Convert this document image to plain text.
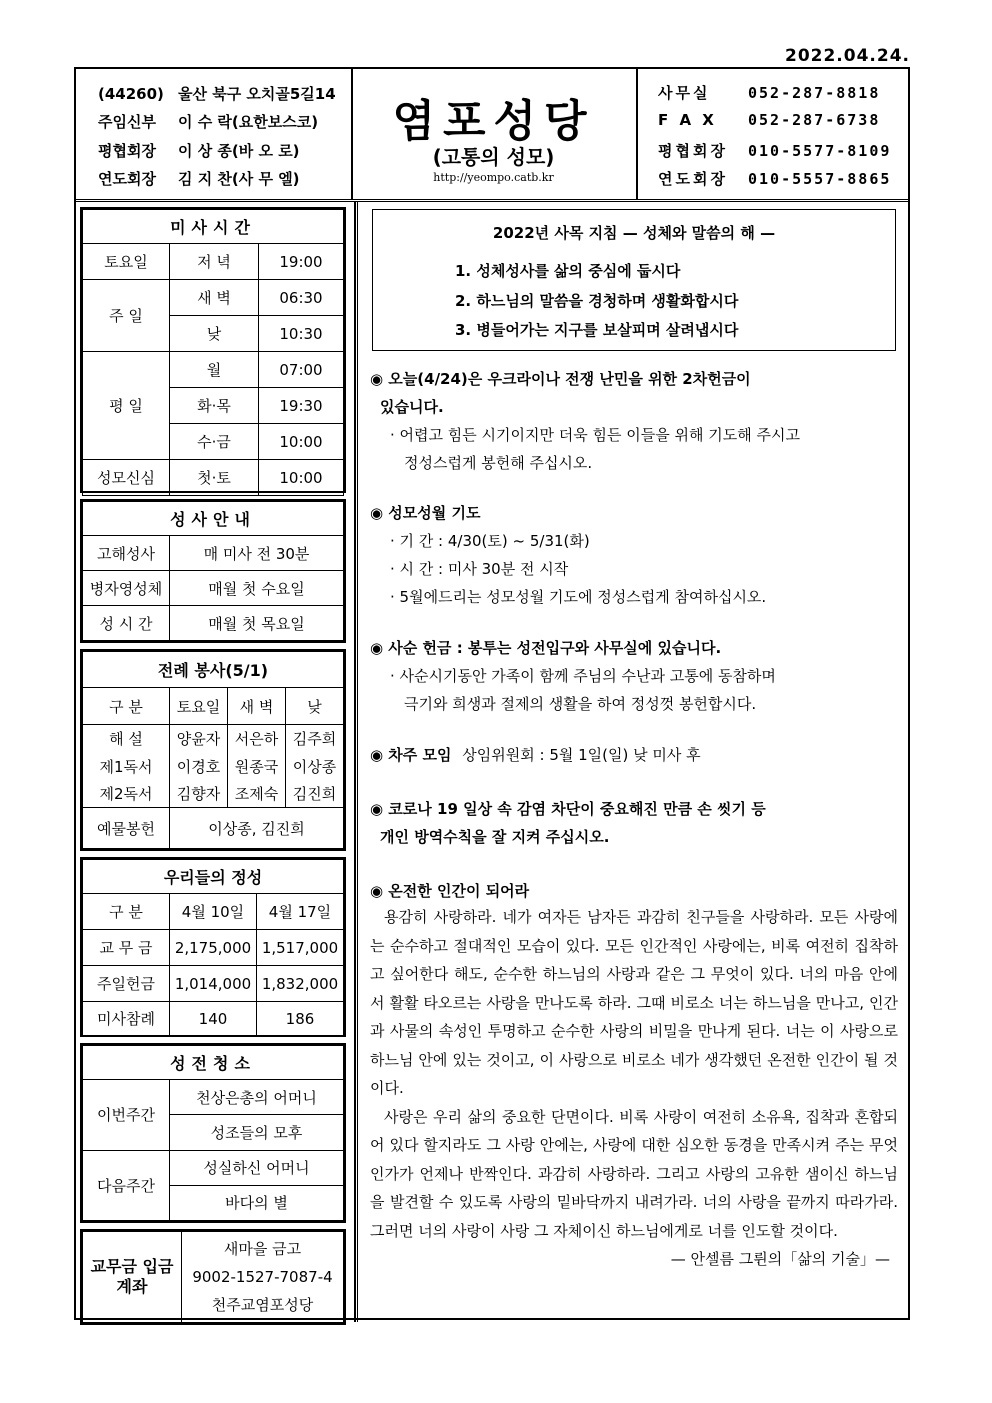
2022.04.24.
(44260) 울산 북구 오치골5길14
주임신부 이 수 락(요한보스코)
평협회장 이 상 종(바 오 로)
연도회장 김 지 찬(사 무 엘)
염포성당
(고통의 성모)
http://yeompo.catb.kr
사무실	052-287-8818
F A X 052-287-6738
평협회장 010-5577-8109
연도회장 010-5557-8865
미사시간		
토요일	저 녁	19:00
주 일	새 벽	06:30
	낮	10:30
평 일	월	07:00
	화·목	19:30
	수·금	10:00
성모신심	첫·토	10:00
성사안내	
고해성사	매 미사 전 30분
병자영성체	매월 첫 수요일
성 시 간	매월 첫 목요일
전례 봉사(5/1)			
구 분	토요일	새 벽	낮
해 설	양윤자	서은하	김주희
제1독서	이경호	원종국	이상종
제2독서	김향자	조제숙	김진희
예물봉헌	이상종, 김진희		
우리들의 정성		
구 분	4월 10일	4월 17일
교 무 금	2,175,000	1,517,000
주일헌금	1,014,000	1,832,000
미사참례	140	186
성전청소	
이번주간	천상은총의 어머니
	성조들의 모후
다음주간	성실하신 어머니
	바다의 별
교무금 입금계좌	
새마을 금고
9002-1527-7087-4
천주교염포성당
2022년 사목 지침 — 성체와 말씀의 해 —
1. 성체성사를 삶의 중심에 둡시다
2. 하느님의 말씀을 경청하며 생활화합시다
3. 병들어가는 지구를 보살피며 살려냅시다
◉ 오늘(4/24)은 우크라이나 전쟁 난민을 위한 2차헌금이
있습니다.
· 어렵고 힘든 시기이지만 더욱 힘든 이들을 위해 기도해 주시고
정성스럽게 봉헌해 주십시오.
◉ 성모성월 기도
· 기 간 : 4/30(토) ~ 5/31(화)
· 시 간 : 미사 30분 전 시작
· 5월에드리는 성모성월 기도에 정성스럽게 참여하십시오.
◉ 사순 헌금 : 봉투는 성전입구와 사무실에 있습니다.
· 사순시기동안 가족이 함께 주님의 수난과 고통에 동참하며
극기와 희생과 절제의 생활을 하여 정성껏 봉헌합시다.
◉ 차주 모임 상임위원회 : 5월 1일(일) 낮 미사 후
◉ 코로나 19 일상 속 감염 차단이 중요해진 만큼 손 씻기 등
개인 방역수칙을 잘 지켜 주십시오.
◉ 온전한 인간이 되어라

용감히 사랑하라. 네가 여자든 남자든 과감히 친구들을 사랑하라. 모든 사랑에는 순수하고 절대적인 모습이 있다. 모든 인간적인 사랑에는, 비록 여전히 집착하고 싶어한다 해도, 순수한 하느님의 사랑과 같은 그 무엇이 있다. 너의 마음 안에서 활활 타오르는 사랑을 만나도록 하라. 그때 비로소 너는 하느님을 만나고, 인간과 사물의 속성인 투명하고 순수한 사랑의 비밀을 만나게 된다. 너는 이 사랑으로 하느님 안에 있는 것이고, 이 사랑으로 비로소 네가 생각했던 온전한 인간이 될 것이다.

사랑은 우리 삶의 중요한 단면이다. 비록 사랑이 여전히 소유욕, 집착과 혼합되어 있다 할지라도 그 사랑 안에는, 사랑에 대한 심오한 동경을 만족시켜 주는 무엇인가가 언제나 반짝인다. 과감히 사랑하라. 그리고 사랑의 고유한 샘이신 하느님을 발견할 수 있도록 사랑의 밑바닥까지 내려가라. 너의 사랑을 끝까지 따라가라. 그러면 너의 사랑이 사랑 그 자체이신 하느님에게로 너를 인도할 것이다.

— 안셀름 그륀의「삶의 기술」—
